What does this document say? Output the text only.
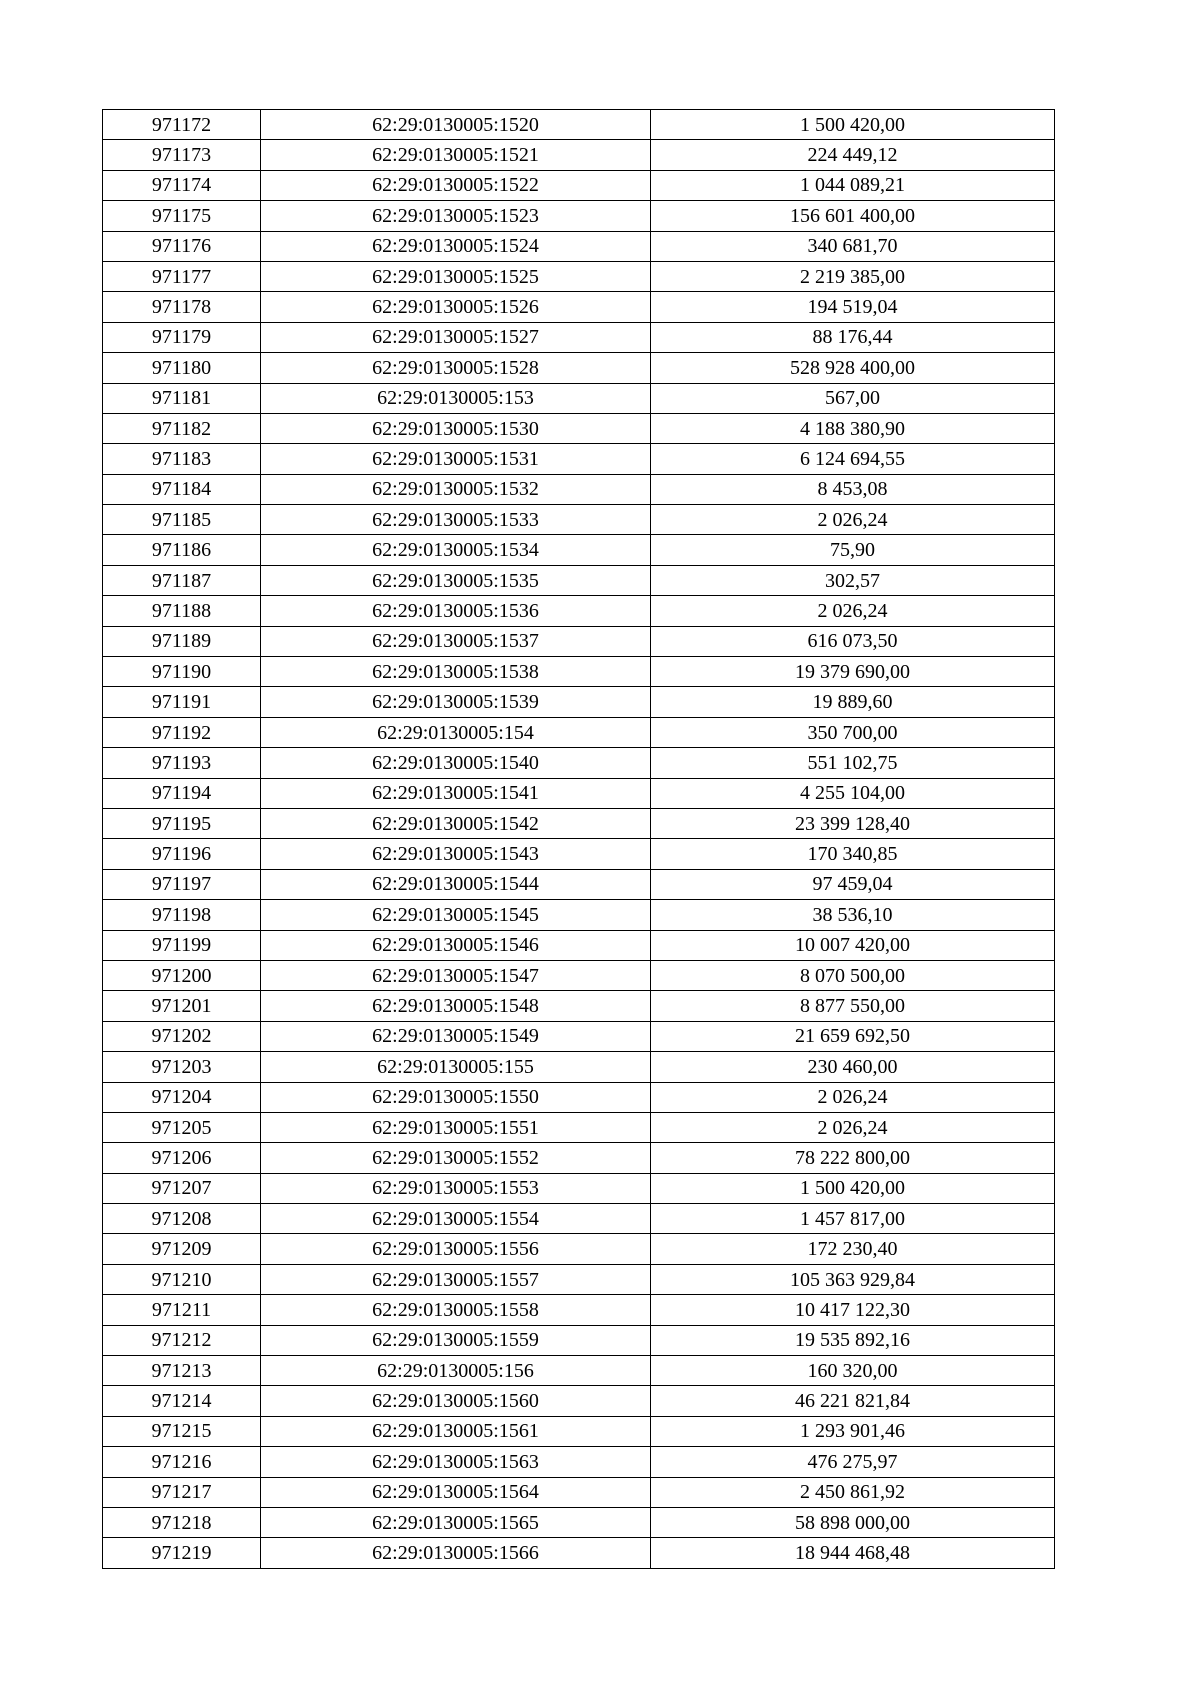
971172	62:29:0130005:1520	1 500 420,00
971173	62:29:0130005:1521	224 449,12
971174	62:29:0130005:1522	1 044 089,21
971175	62:29:0130005:1523	156 601 400,00
971176	62:29:0130005:1524	340 681,70
971177	62:29:0130005:1525	2 219 385,00
971178	62:29:0130005:1526	194 519,04
971179	62:29:0130005:1527	88 176,44
971180	62:29:0130005:1528	528 928 400,00
971181	62:29:0130005:153	567,00
971182	62:29:0130005:1530	4 188 380,90
971183	62:29:0130005:1531	6 124 694,55
971184	62:29:0130005:1532	8 453,08
971185	62:29:0130005:1533	2 026,24
971186	62:29:0130005:1534	75,90
971187	62:29:0130005:1535	302,57
971188	62:29:0130005:1536	2 026,24
971189	62:29:0130005:1537	616 073,50
971190	62:29:0130005:1538	19 379 690,00
971191	62:29:0130005:1539	19 889,60
971192	62:29:0130005:154	350 700,00
971193	62:29:0130005:1540	551 102,75
971194	62:29:0130005:1541	4 255 104,00
971195	62:29:0130005:1542	23 399 128,40
971196	62:29:0130005:1543	170 340,85
971197	62:29:0130005:1544	97 459,04
971198	62:29:0130005:1545	38 536,10
971199	62:29:0130005:1546	10 007 420,00
971200	62:29:0130005:1547	8 070 500,00
971201	62:29:0130005:1548	8 877 550,00
971202	62:29:0130005:1549	21 659 692,50
971203	62:29:0130005:155	230 460,00
971204	62:29:0130005:1550	2 026,24
971205	62:29:0130005:1551	2 026,24
971206	62:29:0130005:1552	78 222 800,00
971207	62:29:0130005:1553	1 500 420,00
971208	62:29:0130005:1554	1 457 817,00
971209	62:29:0130005:1556	172 230,40
971210	62:29:0130005:1557	105 363 929,84
971211	62:29:0130005:1558	10 417 122,30
971212	62:29:0130005:1559	19 535 892,16
971213	62:29:0130005:156	160 320,00
971214	62:29:0130005:1560	46 221 821,84
971215	62:29:0130005:1561	1 293 901,46
971216	62:29:0130005:1563	476 275,97
971217	62:29:0130005:1564	2 450 861,92
971218	62:29:0130005:1565	58 898 000,00
971219	62:29:0130005:1566	18 944 468,48
